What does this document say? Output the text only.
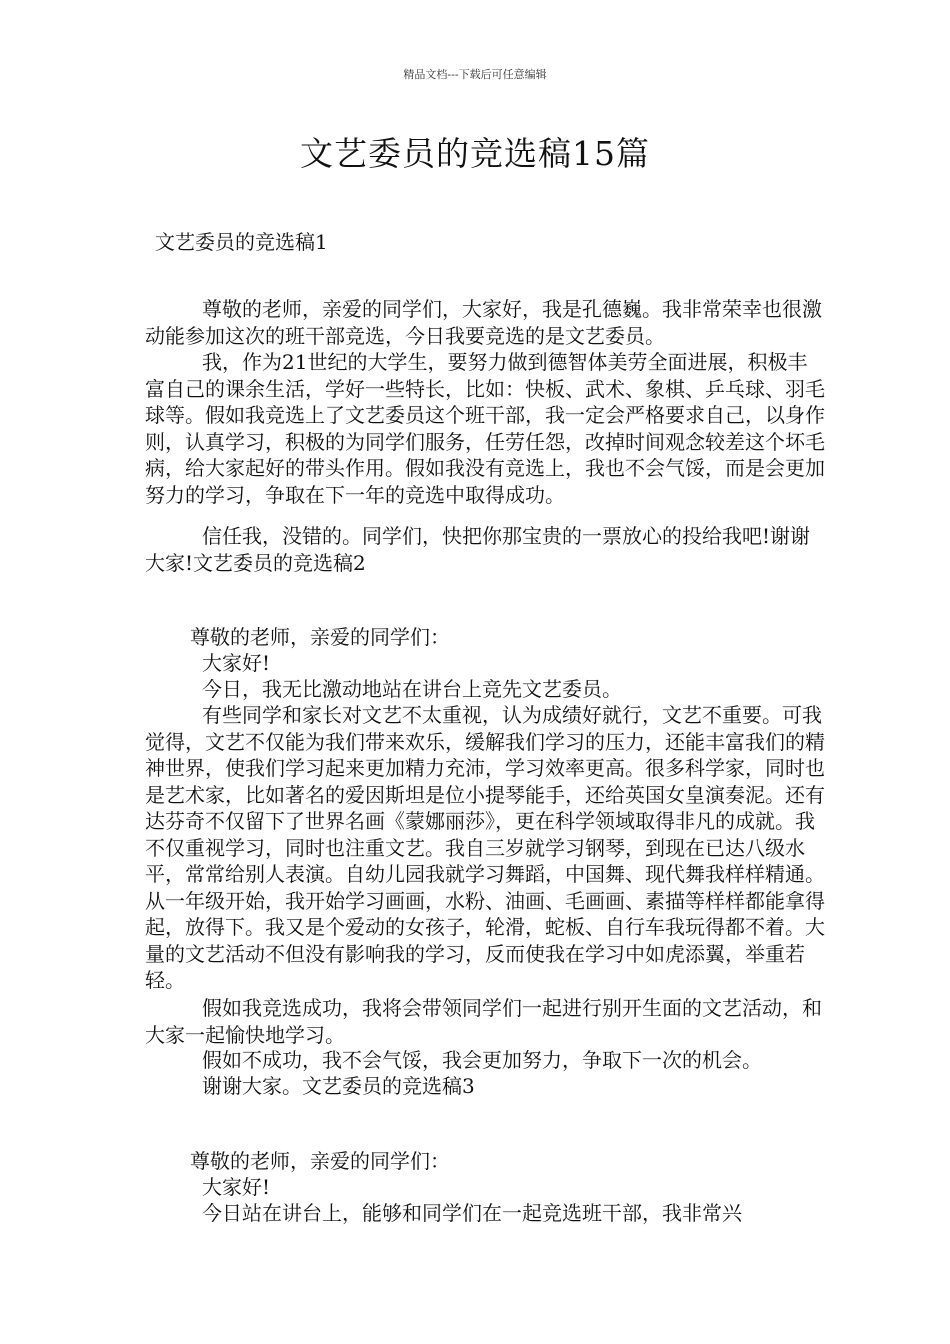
精品文档---下载后可任意编辑
文艺委员的竞选稿15篇
文艺委员的竞选稿1
尊敬的老师，亲爱的同学们，大家好，我是孔德巍。我非常荣幸也很激动能参加这次的班干部竞选，今日我要竞选的是文艺委员。
我，作为21世纪的大学生，要努力做到德智体美劳全面进展，积极丰富自己的课余生活，学好一些特长，比如：快板、武术、象棋、乒乓球、羽毛球等。假如我竞选上了文艺委员这个班干部，我一定会严格要求自己，以身作则，认真学习，积极的为同学们服务，任劳任怨，改掉时间观念较差这个坏毛病，给大家起好的带头作用。假如我没有竞选上，我也不会气馁，而是会更加努力的学习，争取在下一年的竞选中取得成功。
信任我，没错的。同学们，快把你那宝贵的一票放心的投给我吧!谢谢大家!文艺委员的竞选稿2
尊敬的老师，亲爱的同学们：
大家好!
今日，我无比激动地站在讲台上竞先文艺委员。
有些同学和家长对文艺不太重视，认为成绩好就行，文艺不重要。可我觉得，文艺不仅能为我们带来欢乐，缓解我们学习的压力，还能丰富我们的精神世界，使我们学习起来更加精力充沛，学习效率更高。很多科学家，同时也是艺术家，比如著名的爱因斯坦是位小提琴能手，还给英国女皇演奏泥。还有达芬奇不仅留下了世界名画《蒙娜丽莎》，更在科学领域取得非凡的成就。我不仅重视学习，同时也注重文艺。我自三岁就学习钢琴，到现在已达八级水平，常常给别人表演。自幼儿园我就学习舞蹈，中国舞、现代舞我样样精通。从一年级开始，我开始学习画画，水粉、油画、毛画画、素描等样样都能拿得起，放得下。我又是个爱动的女孩子，轮滑，蛇板、自行车我玩得都不着。大量的文艺活动不但没有影响我的学习，反而使我在学习中如虎添翼，举重若轻。
假如我竞选成功，我将会带领同学们一起进行别开生面的文艺活动，和大家一起愉快地学习。
假如不成功，我不会气馁，我会更加努力，争取下一次的机会。
谢谢大家。文艺委员的竞选稿3
尊敬的老师，亲爱的同学们：
大家好!
今日站在讲台上，能够和同学们在一起竞选班干部，我非常兴
